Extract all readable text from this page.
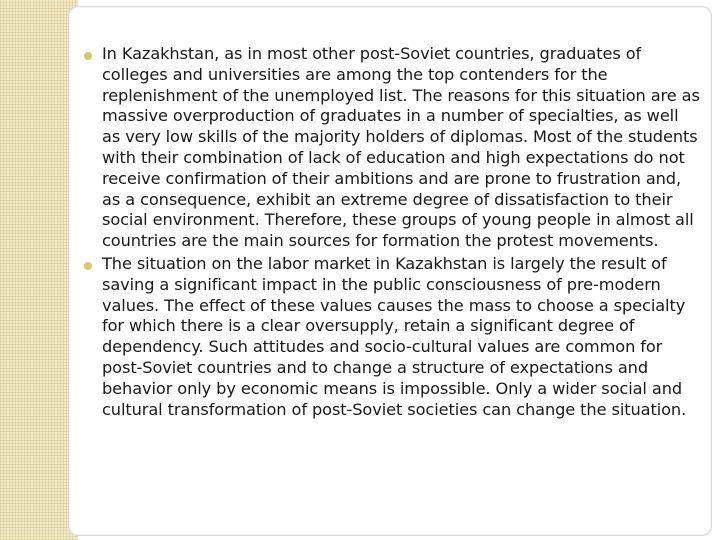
In Kazakhstan, as in most other post-Soviet countries, graduates of colleges and universities are among the top contenders for the replenishment of the unemployed list. The reasons for this situation are as massive overproduction of graduates in a number of specialties, as well as very low skills of the majority holders of diplomas. Most of the students with their combination of lack of education and high expectations do not receive confirmation of their ambitions and are prone to frustration and, as a consequence, exhibit an extreme degree of dissatisfaction to their social environment. Therefore, these groups of young people in almost all countries are the main sources for formation the protest movements.
The situation on the labor market in Kazakhstan is largely the result of saving a significant impact in the public consciousness of pre-modern values. The effect of these values causes the mass to choose a specialty for which there is a clear oversupply, retain a significant degree of dependency. Such attitudes and socio-cultural values are common for post-Soviet countries and to change a structure of expectations and behavior only by economic means is impossible. Only a wider social and cultural transformation of post-Soviet societies can change the situation.
